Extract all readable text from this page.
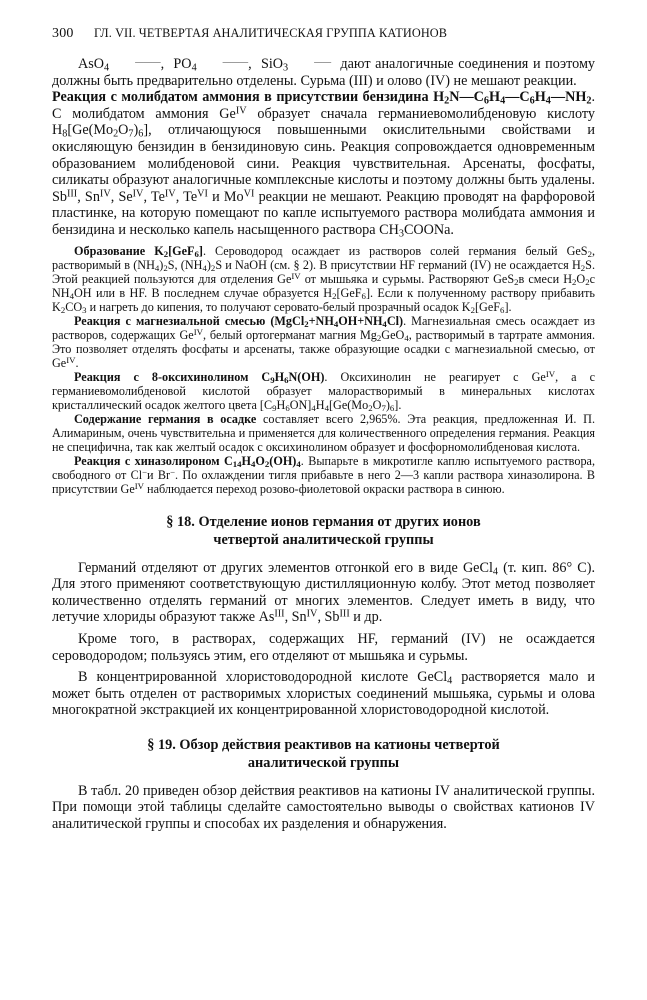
300	ГЛ. VII. ЧЕТВЕРТАЯ АНАЛИТИЧЕСКАЯ ГРУППА КАТИОНОВ

AsO$_4$———,  $PO_4———$,  SiO$_3$—— дают аналогичные соединения и поэтому должны быть предварительно отделены. Сурьма (III) и олово (IV) не мешают реакции.

Реакция с молибдатом аммония в присутствии бензидина $H_2N—C_6H_4—C_6H_4—NH_2$. С молибдатом аммония $Ge^{IV}$ образует сначала германиевомолибденовую кислоту $H_8[Ge(Mo_2O_7)_6]$, отличающуюся повышенными окислительными свойствами и окисляющую бензидин в бензидиновую синь. Реакция сопровождается одновременным образованием молибденовой сини. Реакция чувствительная. Арсенаты, фосфаты, силикаты образуют аналогичные комплексные кислоты и поэтому должны быть удалены. $Sb^{III}$, $Sn^{IV}$, $Se^{IV}$, $Te^{IV}$, $Te^{VI}$ и $Mo^{VI}$ реакции не мешают. Реакцию проводят на фарфоровой пластинке, на которую помещают по капле испытуемого раствора молибдата аммония и бензидина и несколько капель насыщенного раствора $CH_3COONa$.

Образование $K_2[GeF_6]$. Сероводород осаждает из растворов солей германия белый GeS$_2$, растворимый в $(NH_4)_2S$, $(NH_4)_2S$ и NaOH (см. § 2). В присутствии HF германий (IV) не осаждается $H_2S$. Этой реакцией пользуются для отделения $Ge^{IV}$ от мышьяка и сурьмы. Растворяют GeS$_2$в смеси $H_2O_2с$ $NH_4OH$ или в HF. В последнем случае образуется $H_2[GeF_6]$. Если к полученному раствору прибавить $K_2CO_3$ и нагреть до кипения, то получают серовато-белый прозрачный осадок $K_2[GeF_6]$.

Реакция с магнезиальной смесью $(MgCl_2+NH_4OH+NH_4Cl)$. Магнезиальная смесь осаждает из растворов, содержащих $Ge^{IV}$, белый ортогерманат магния $Mg_2GeO_4$, растворимый в тартрате аммония. Это позволяет отделять фосфаты и арсенаты, также образующие осадки с магнезиальной смесью, от $Ge^{IV}$.

Реакция с 8-оксихинолином $C_9H_6N(OH)$. Оксихинолин не реагирует с $Ge^{IV}$, а с германиевомолибденовой кислотой образует малорастворимый в минеральных кислотах кристаллический осадок желтого цвета $[C_9H_6ON]_4H_4[Ge(Mo_2O_7)_6]$.

Содержание германия в осадке составляет всего 2,965%. Эта реакция, предложенная И. П. Алимариным, очень чувствительна и применяется для количественного определения германия. Реакция не специфична, так как желтый осадок с оксихинолином образует и фосфорномолибденовая кислота.

Реакция с хиназолироном $C_{14}H_4O_2(OH)_4$. Выпарьте в микротигле каплю испытуемого раствора, свободного от Cl−и Br−. По охлаждении тигля прибавьте в него 2—3 капли раствора хиназолирона. В присутствии $Ge^{IV}$ наблюдается переход розово-фиолетовой окраски раствора в синюю.

§ 18. Отделение ионов германия от других ионов
четвертой аналитической группы

Германий отделяют от других элементов отгонкой его в виде GeCl$_4$ (т. кип. 86° C). Для этого применяют соответствующую дистилляционную колбу. Этот метод позволяет количественно отделять германий от многих элементов. Следует иметь в виду, что летучие хлориды образуют также $As^{III}$, $Sn^{IV}$, $Sb^{III}$ и др.

Кроме того, в растворах, содержащих HF, германий (IV) не осаждается сероводородом; пользуясь этим, его отделяют от мышьяка и сурьмы.

В концентрированной хлористоводородной кислоте GeCl$_4$ растворяется мало и может быть отделен от растворимых хлористых соединений мышьяка, сурьмы и олова многократной экстракцией их концентрированной хлористоводородной кислотой.

§ 19. Обзор действия реактивов на катионы четвертой
аналитической группы

В табл. 20 приведен обзор действия реактивов на катионы IV аналитической группы. При помощи этой таблицы сделайте самостоятельно выводы о свойствах катионов IV аналитической группы и способах их разделения и обнаружения.
